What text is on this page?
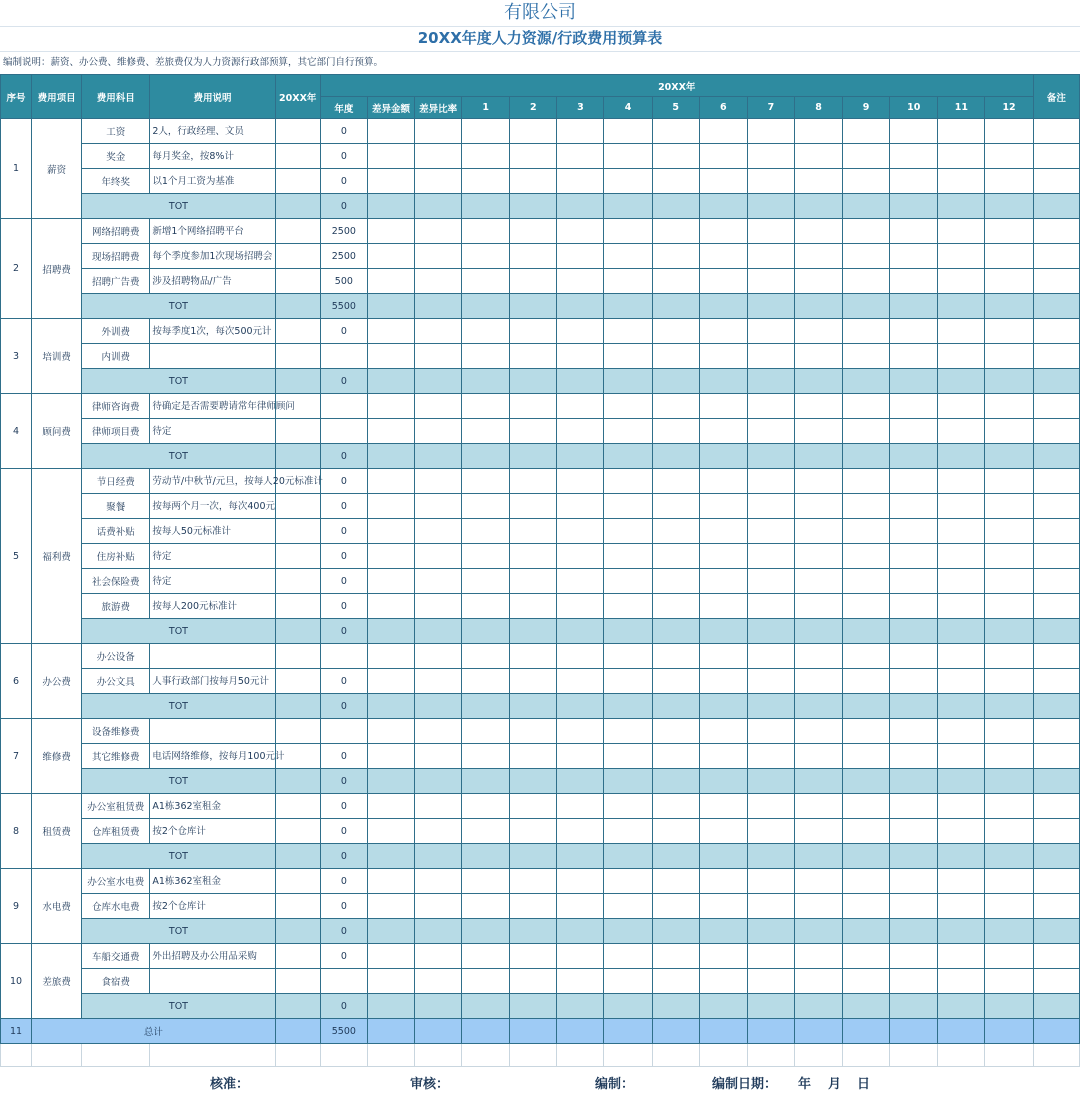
有限公司
20XX年度人力资源/行政费用预算表
编制说明：薪资、办公费、维修费、差旅费仅为人力资源行政部预算，其它部门自行预算。
序号	费用项目	费用科目	费用说明	20XX年	20XX年															备注
					年度	差异金额	差异比率	1	2	3	4	5	6	7	8	9	10	11	12	
1	薪资	工资	2人，行政经理、文员		0															
		奖金	每月奖金，按8%计		0															
		年终奖	以1个月工资为基准		0															
		TOT			0															
2	招聘费	网络招聘费	新增1个网络招聘平台		2500															
		现场招聘费	每个季度参加1次现场招聘会		2500															
		招聘广告费	涉及招聘物品/广告		500															
		TOT			5500															
3	培训费	外训费	按每季度1次，每次500元计		0															
		内训费																		
		TOT			0															
4	顾问费	律师咨询费	待确定是否需要聘请常年律师顾问																	
		律师项目费	待定																	
		TOT			0															
5	福利费	节日经费	劳动节/中秋节/元旦，按每人20元标准计		0															
		聚餐	按每两个月一次，每次400元		0															
		话费补贴	按每人50元标准计		0															
		住房补贴	待定		0															
		社会保险费	待定		0															
		旅游费	按每人200元标准计		0															
		TOT			0															
6	办公费	办公设备																		
		办公文具	人事行政部门按每月50元计		0															
		TOT			0															
7	维修费	设备维修费																		
		其它维修费	电话网络维修，按每月100元计		0															
		TOT			0															
8	租赁费	办公室租赁费	A1栋362室租金		0															
		仓库租赁费	按2个仓库计		0															
		TOT			0															
9	水电费	办公室水电费	A1栋362室租金		0															
		仓库水电费	按2个仓库计		0															
		TOT			0															
10	差旅费	车船交通费	外出招聘及办公用品采购		0															
		食宿费																		
		TOT			0															
11	总计				5500															

核准：	审核：	编制：	编制日期： 年 月 日
